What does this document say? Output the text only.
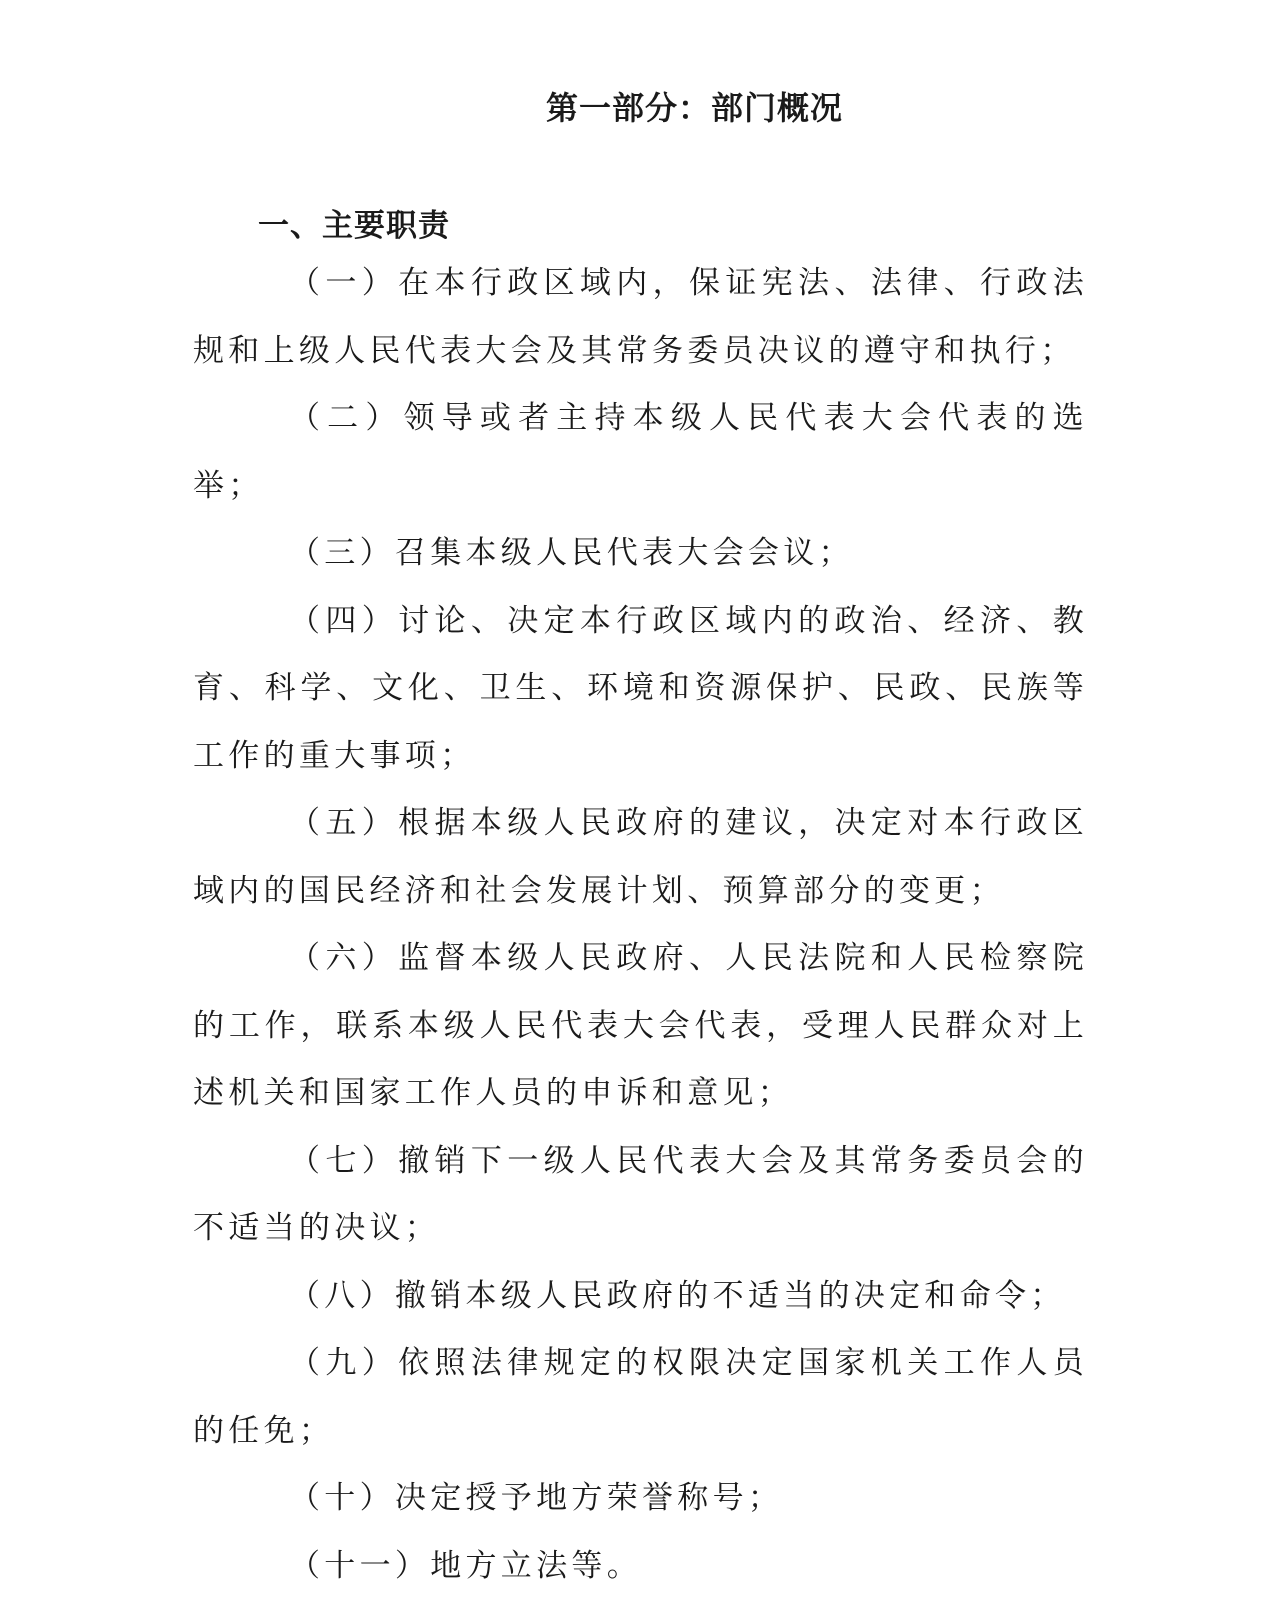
第一部分：部门概况
一、主要职责

（一）在本行政区域内，保证宪法、法律、行政法规和上级人民代表大会及其常务委员决议的遵守和执行；

（二）领导或者主持本级人民代表大会代表的选举；

（三）召集本级人民代表大会会议；

（四）讨论、决定本行政区域内的政治、经济、教育、科学、文化、卫生、环境和资源保护、民政、民族等工作的重大事项；

（五）根据本级人民政府的建议，决定对本行政区域内的国民经济和社会发展计划、预算部分的变更；

（六）监督本级人民政府、人民法院和人民检察院的工作，联系本级人民代表大会代表，受理人民群众对上述机关和国家工作人员的申诉和意见；

（七）撤销下一级人民代表大会及其常务委员会的不适当的决议；

（八）撤销本级人民政府的不适当的决定和命令；

（九）依照法律规定的权限决定国家机关工作人员的任免；

（十）决定授予地方荣誉称号；

（十一）地方立法等。
